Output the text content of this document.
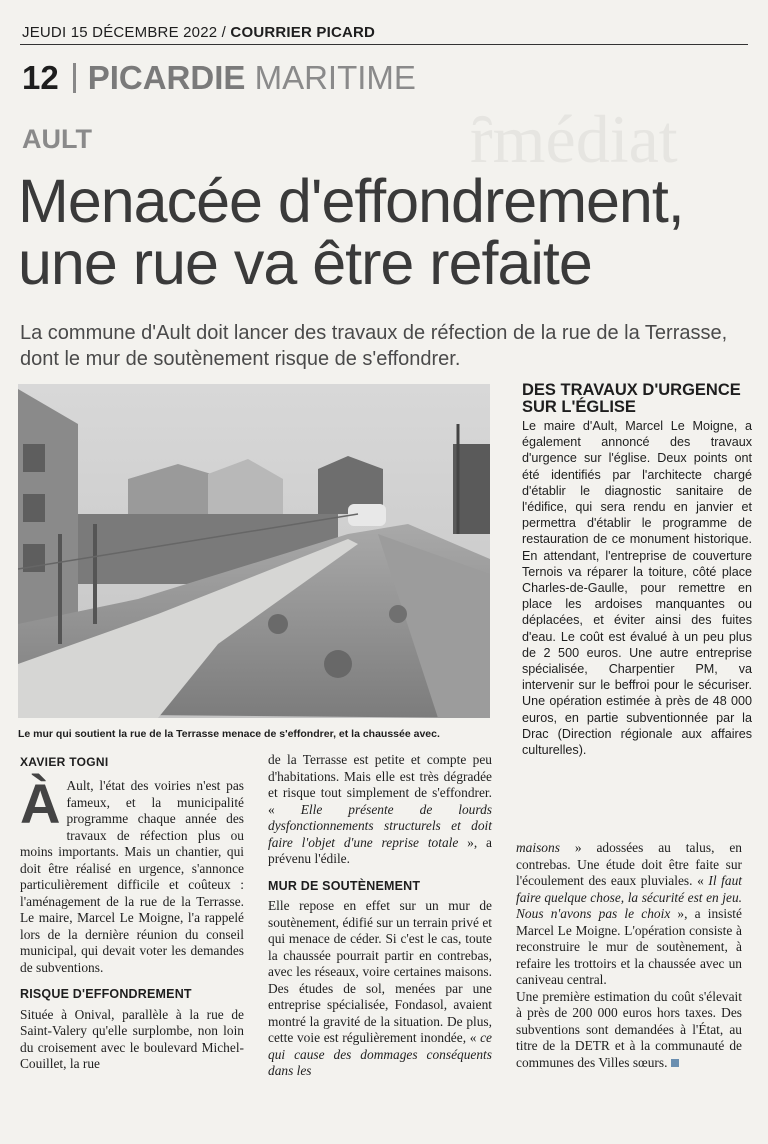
ȓmédiat
JEUDI 15 DÉCEMBRE 2022 / COURRIER PICARD
12 PICARDIE MARITIME
AULT
Menacée d'effondrement,
une rue va être refaite
La commune d'Ault doit lancer des travaux de réfection de la rue de la Terrasse, dont le mur de soutènement risque de s'effondrer.
Le mur qui soutient la rue de la Terrasse menace de s'effondrer, et la chaussée avec.
XAVIER TOGNI

À Ault, l'état des voiries n'est pas fameux, et la municipalité programme chaque année des travaux de réfection plus ou moins importants. Mais un chantier, qui doit être réalisé en urgence, s'annonce particulièrement difficile et coûteux : l'aménagement de la rue de la Terrasse. Le maire, Marcel Le Moigne, l'a rappelé lors de la dernière réunion du conseil municipal, qui devait voter les demandes de subventions.

RISQUE D'EFFONDREMENT

Située à Onival, parallèle à la rue de Saint-Valery qu'elle surplombe, non loin du croisement avec le boulevard Michel-Couillet, la rue

de la Terrasse est petite et compte peu d'habitations. Mais elle est très dégradée et risque tout simplement de s'effondrer. « Elle présente de lourds dysfonctionnements structurels et doit faire l'objet d'une reprise totale », a prévenu l'édile.

MUR DE SOUTÈNEMENT

Elle repose en effet sur un mur de soutènement, édifié sur un terrain privé et qui menace de céder. Si c'est le cas, toute la chaussée pourrait partir en contrebas, avec les réseaux, voire certaines maisons. Des études de sol, menées par une entreprise spécialisée, Fondasol, avaient montré la gravité de la situation. De plus, cette voie est régulièrement inondée, « ce qui cause des dommages conséquents dans les

maisons » adossées au talus, en contrebas. Une étude doit être faite sur l'écoulement des eaux pluviales. « Il faut faire quelque chose, la sécurité est en jeu. Nous n'avons pas le choix », a insisté Marcel Le Moigne. L'opération consiste à reconstruire le mur de soutènement, à refaire les trottoirs et la chaussée avec un caniveau central.

Une première estimation du coût s'élevait à près de 200 000 euros hors taxes. Des subventions sont demandées à l'État, au titre de la DETR et à la communauté de communes des Villes sœurs.

DES TRAVAUX D'URGENCE SUR L'ÉGLISE
Le maire d'Ault, Marcel Le Moigne, a également annoncé des travaux d'urgence sur l'église. Deux points ont été identifiés par l'architecte chargé d'établir le diagnostic sanitaire de l'édifice, qui sera rendu en janvier et permettra d'établir le programme de restauration de ce monument historique. En attendant, l'entreprise de couverture Ternois va réparer la toiture, côté place Charles-de-Gaulle, pour remettre en place les ardoises manquantes ou déplacées, et éviter ainsi des fuites d'eau. Le coût est évalué à un peu plus de 2 500 euros. Une autre entreprise spécialisée, Charpentier PM, va intervenir sur le beffroi pour le sécuriser. Une opération estimée à près de 48 000 euros, en partie subventionnée par la Drac (Direction régionale aux affaires culturelles).
